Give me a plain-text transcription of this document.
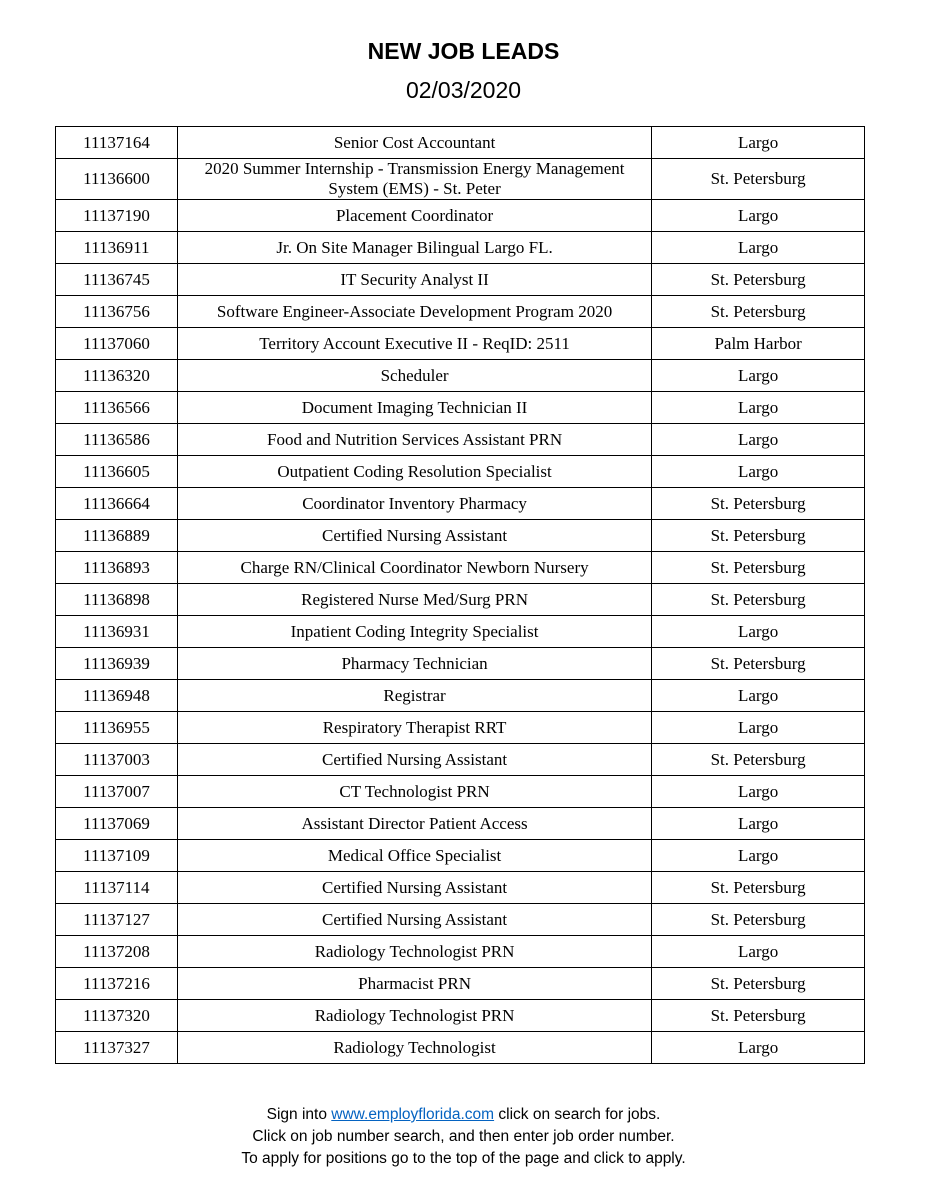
NEW JOB LEADS
02/03/2020
11137164	Senior Cost Accountant	Largo
11136600	2020 Summer Internship - Transmission Energy Management System (EMS) - St. Peter	St. Petersburg
11137190	Placement Coordinator	Largo
11136911	Jr. On Site Manager Bilingual Largo FL.	Largo
11136745	IT Security Analyst II	St. Petersburg
11136756	Software Engineer-Associate Development Program 2020	St. Petersburg
11137060	Territory Account Executive II - ReqID: 2511	Palm Harbor
11136320	Scheduler	Largo
11136566	Document Imaging Technician II	Largo
11136586	Food and Nutrition Services Assistant PRN	Largo
11136605	Outpatient Coding Resolution Specialist	Largo
11136664	Coordinator Inventory Pharmacy	St. Petersburg
11136889	Certified Nursing Assistant	St. Petersburg
11136893	Charge RN/Clinical Coordinator Newborn Nursery	St. Petersburg
11136898	Registered Nurse Med/Surg PRN	St. Petersburg
11136931	Inpatient Coding Integrity Specialist	Largo
11136939	Pharmacy Technician	St. Petersburg
11136948	Registrar	Largo
11136955	Respiratory Therapist RRT	Largo
11137003	Certified Nursing Assistant	St. Petersburg
11137007	CT Technologist PRN	Largo
11137069	Assistant Director Patient Access	Largo
11137109	Medical Office Specialist	Largo
11137114	Certified Nursing Assistant	St. Petersburg
11137127	Certified Nursing Assistant	St. Petersburg
11137208	Radiology Technologist PRN	Largo
11137216	Pharmacist PRN	St. Petersburg
11137320	Radiology Technologist PRN	St. Petersburg
11137327	Radiology Technologist	Largo
Sign into www.employflorida.com click on search for jobs.
Click on job number search, and then enter job order number.
To apply for positions go to the top of the page and click to apply.
